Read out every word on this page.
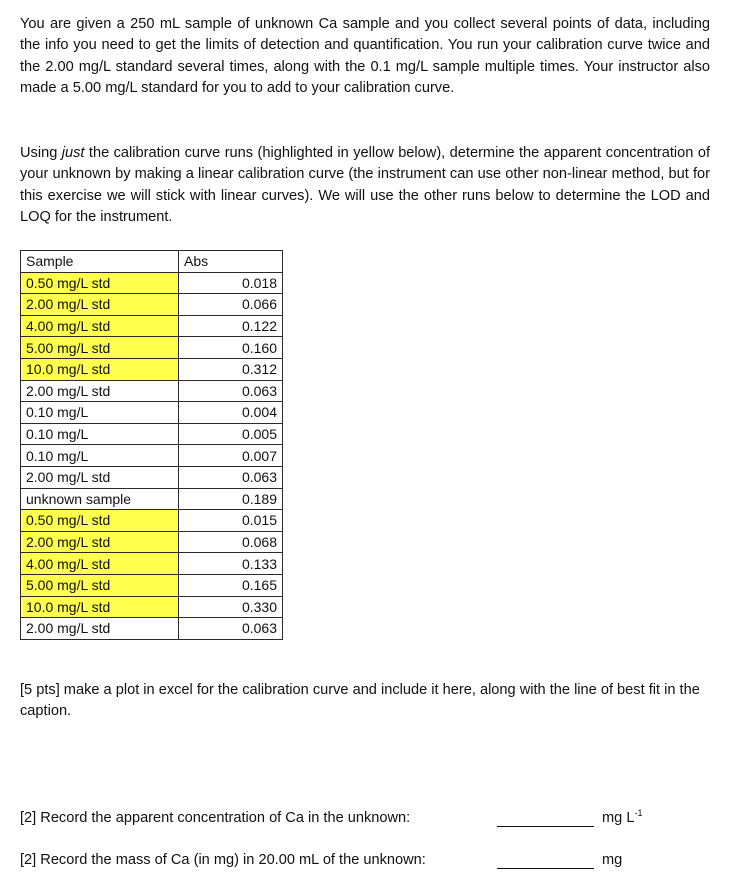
You are given a 250 mL sample of unknown Ca sample and you collect several points of data, including the info you need to get the limits of detection and quantification. You run your calibration curve twice and the 2.00 mg/L standard several times, along with the 0.1 mg/L sample multiple times. Your instructor also made a 5.00 mg/L standard for you to add to your calibration curve.

Using just the calibration curve runs (highlighted in yellow below), determine the apparent concentration of your unknown by making a linear calibration curve (the instrument can use other non-linear method, but for this exercise we will stick with linear curves). We will use the other runs below to determine the LOD and LOQ for the instrument.

Sample	Abs
0.50 mg/L std	0.018
2.00 mg/L std	0.066
4.00 mg/L std	0.122
5.00 mg/L std	0.160
10.0 mg/L std	0.312
2.00 mg/L std	0.063
0.10 mg/L	0.004
0.10 mg/L	0.005
0.10 mg/L	0.007
2.00 mg/L std	0.063
unknown sample	0.189
0.50 mg/L std	0.015
2.00 mg/L std	0.068
4.00 mg/L std	0.133
5.00 mg/L std	0.165
10.0 mg/L std	0.330
2.00 mg/L std	0.063

[5 pts] make a plot in excel for the calibration curve and include it here, along with the line of best fit in the caption.

[2] Record the apparent concentration of Ca in the unknown:	mg $L^{-1}$

[2] Record the mass of Ca (in mg) in 20.00 mL of the unknown:	mg
